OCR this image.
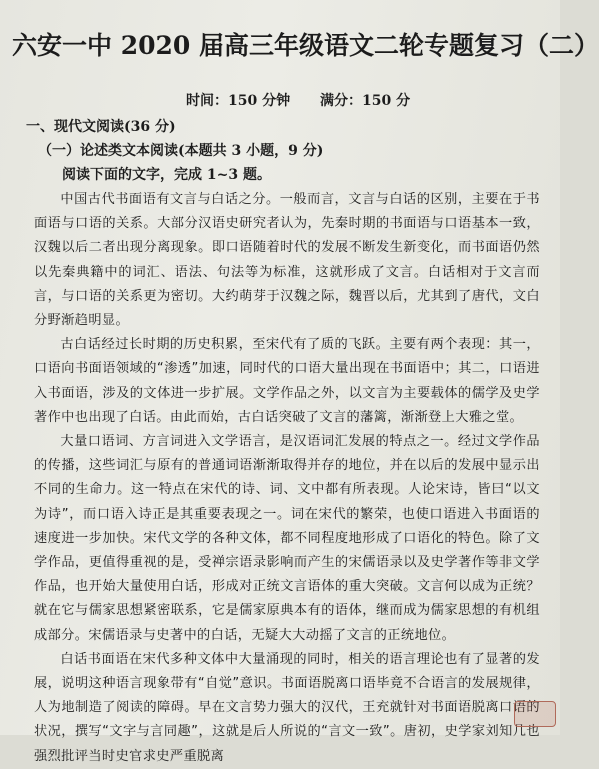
六安一中 2020 届高三年级语文二轮专题复习（二）
时间：150 分钟 满分：150 分
一、现代文阅读(36 分)
（一）论述类文本阅读(本题共 3 小题，9 分)
阅读下面的文字，完成 1~3 题。

中国古代书面语有文言与白话之分。一般而言，文言与白话的区别，主要在于书面语与口语的关系。大部分汉语史研究者认为，先秦时期的书面语与口语基本一致，汉魏以后二者出现分离现象。即口语随着时代的发展不断发生新变化，而书面语仍然以先秦典籍中的词汇、语法、句法等为标准，这就形成了文言。白话相对于文言而言，与口语的关系更为密切。大约萌芽于汉魏之际，魏晋以后，尤其到了唐代，文白分野渐趋明显。

古白话经过长时期的历史积累，至宋代有了质的飞跃。主要有两个表现：其一，口语向书面语领域的“渗透”加速，同时代的口语大量出现在书面语中；其二，口语进入书面语，涉及的文体进一步扩展。文学作品之外，以文言为主要载体的儒学及史学著作中也出现了白话。由此而始，古白话突破了文言的藩篱，渐渐登上大雅之堂。

大量口语词、方言词进入文学语言，是汉语词汇发展的特点之一。经过文学作品的传播，这些词汇与原有的普通词语渐渐取得并存的地位，并在以后的发展中显示出不同的生命力。这一特点在宋代的诗、词、文中都有所表现。人论宋诗，皆曰“以文为诗”，而口语入诗正是其重要表现之一。词在宋代的繁荣，也使口语进入书面语的速度进一步加快。宋代文学的各种文体，都不同程度地形成了口语化的特色。除了文学作品，更值得重视的是，受禅宗语录影响而产生的宋儒语录以及史学著作等非文学作品，也开始大量使用白话，形成对正统文言语体的重大突破。文言何以成为正统？就在它与儒家思想紧密联系，它是儒家原典本有的语体，继而成为儒家思想的有机组成部分。宋儒语录与史著中的白话，无疑大大动摇了文言的正统地位。

白话书面语在宋代多种文体中大量涌现的同时，相关的语言理论也有了显著的发展，说明这种语言现象带有“自觉”意识。书面语脱离口语毕竟不合语言的发展规律，人为地制造了阅读的障碍。早在文言势力强大的汉代，王充就针对书面语脱离口语的状况，撰写“文字与言同趣”，这就是后人所说的“言文一致”。唐初，史学家刘知几也强烈批评当时史官求史严重脱离
